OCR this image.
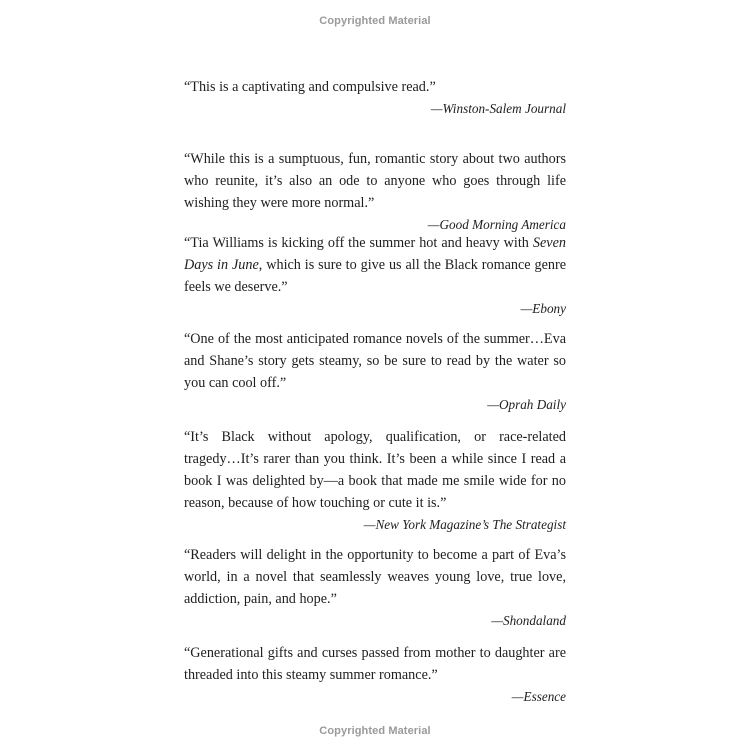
Copyrighted Material

“This is a captivating and compulsive read.”

—Winston-Salem Journal

“While this is a sumptuous, fun, romantic story about two authors who reunite, it’s also an ode to anyone who goes through life wishing they were more normal.”

—Good Morning America

“Tia Williams is kicking off the summer hot and heavy with Seven Days in June, which is sure to give us all the Black romance genre feels we deserve.”

—Ebony

“One of the most anticipated romance novels of the summer…Eva and Shane’s story gets steamy, so be sure to read by the water so you can cool off.”

—Oprah Daily

“It’s Black without apology, qualification, or race-related tragedy…It’s rarer than you think. It’s been a while since I read a book I was delighted by—a book that made me smile wide for no reason, because of how touching or cute it is.”

—New York Magazine’s The Strategist

“Readers will delight in the opportunity to become a part of Eva’s world, in a novel that seamlessly weaves young love, true love, addiction, pain, and hope.”

—Shondaland

“Generational gifts and curses passed from mother to daughter are threaded into this steamy summer romance.”

—Essence

Copyrighted Material
